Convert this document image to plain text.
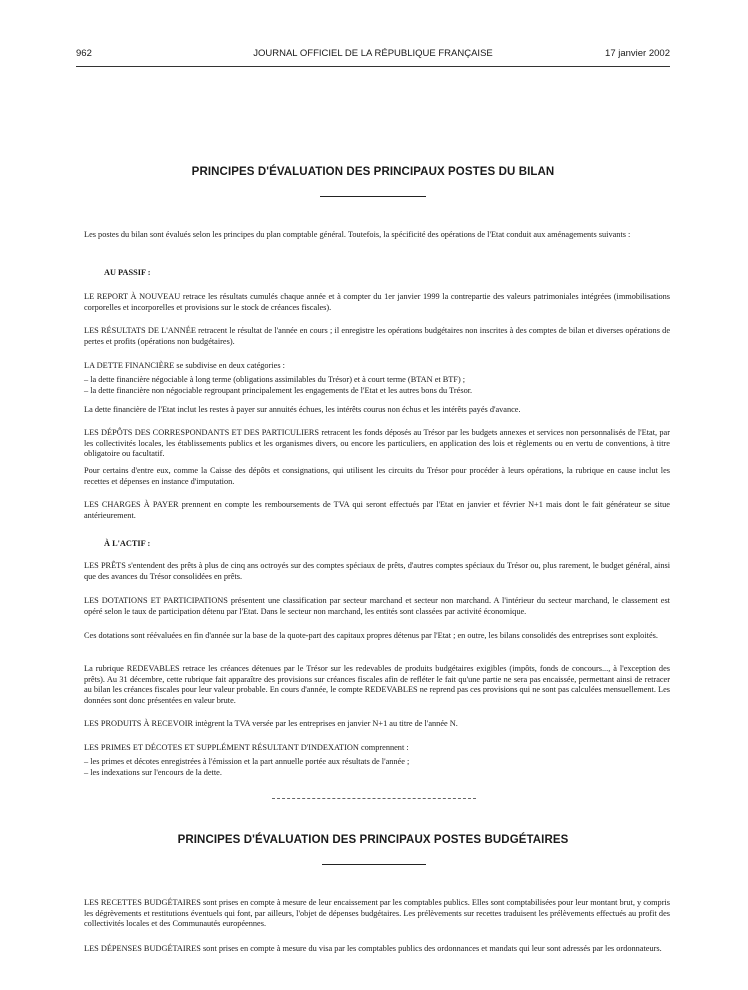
962	JOURNAL OFFICIEL DE LA RÉPUBLIQUE FRANÇAISE	17 janvier 2002
PRINCIPES D'ÉVALUATION DES PRINCIPAUX POSTES DU BILAN
Les postes du bilan sont évalués selon les principes du plan comptable général. Toutefois, la spécificité des opérations de l'Etat conduit aux aménagements suivants :
AU PASSIF :

LE REPORT À NOUVEAU retrace les résultats cumulés chaque année et à compter du 1er janvier 1999 la contrepartie des valeurs patrimoniales intégrées (immobilisations corporelles et incorporelles et provisions sur le stock de créances fiscales).

LES RÉSULTATS DE L'ANNÉE retracent le résultat de l'année en cours ; il enregistre les opérations budgétaires non inscrites à des comptes de bilan et diverses opérations de pertes et profits (opérations non budgétaires).
LA DETTE FINANCIÈRE se subdivise en deux catégories :
– la dette financière négociable à long terme (obligations assimilables du Trésor) et à court terme (BTAN et BTF) ;
– la dette financière non négociable regroupant principalement les engagements de l'Etat et les autres bons du Trésor.
La dette financière de l'Etat inclut les restes à payer sur annuités échues, les intérêts courus non échus et les intérêts payés d'avance.
LES DÉPÔTS DES CORRESPONDANTS ET DES PARTICULIERS retracent les fonds déposés au Trésor par les budgets annexes et services non personnalisés de l'Etat, par les collectivités locales, les établissements publics et les organismes divers, ou encore les particuliers, en application des lois et règlements ou en vertu de conventions, à titre obligatoire ou facultatif.
Pour certains d'entre eux, comme la Caisse des dépôts et consignations, qui utilisent les circuits du Trésor pour procéder à leurs opérations, la rubrique en cause inclut les recettes et dépenses en instance d'imputation.
LES CHARGES À PAYER prennent en compte les remboursements de TVA qui seront effectués par l'Etat en janvier et février N+1 mais dont le fait générateur se situe antérieurement.
À L'ACTIF :
LES PRÊTS s'entendent des prêts à plus de cinq ans octroyés sur des comptes spéciaux de prêts, d'autres comptes spéciaux du Trésor ou, plus rarement, le budget général, ainsi que des avances du Trésor consolidées en prêts.
LES DOTATIONS ET PARTICIPATIONS présentent une classification par secteur marchand et secteur non marchand. A l'intérieur du secteur marchand, le classement est opéré selon le taux de participation détenu par l'Etat. Dans le secteur non marchand, les entités sont classées par activité économique.
Ces dotations sont réévaluées en fin d'année sur la base de la quote-part des capitaux propres détenus par l'Etat ; en outre, les bilans consolidés des entreprises sont exploités.
La rubrique REDEVABLES retrace les créances détenues par le Trésor sur les redevables de produits budgétaires exigibles (impôts, fonds de concours..., à l'exception des prêts). Au 31 décembre, cette rubrique fait apparaître des provisions sur créances fiscales afin de refléter le fait qu'une partie ne sera pas encaissée, permettant ainsi de retracer au bilan les créances fiscales pour leur valeur probable. En cours d'année, le compte REDEVABLES ne reprend pas ces provisions qui ne sont pas calculées mensuellement. Les données sont donc présentées en valeur brute.
LES PRODUITS À RECEVOIR intègrent la TVA versée par les entreprises en janvier N+1 au titre de l'année N.
LES PRIMES ET DÉCOTES ET SUPPLÉMENT RÉSULTANT D'INDEXATION comprennent :
– les primes et décotes enregistrées à l'émission et la part annuelle portée aux résultats de l'année ;
– les indexations sur l'encours de la dette.
PRINCIPES D'ÉVALUATION DES PRINCIPAUX POSTES BUDGÉTAIRES
LES RECETTES BUDGÉTAIRES sont prises en compte à mesure de leur encaissement par les comptables publics. Elles sont comptabilisées pour leur montant brut, y compris les dégrèvements et restitutions éventuels qui font, par ailleurs, l'objet de dépenses budgétaires. Les prélèvements sur recettes traduisent les prélèvements effectués au profit des collectivités locales et des Communautés européennes.
LES DÉPENSES BUDGÉTAIRES sont prises en compte à mesure du visa par les comptables publics des ordonnances et mandats qui leur sont adressés par les ordonnateurs.
